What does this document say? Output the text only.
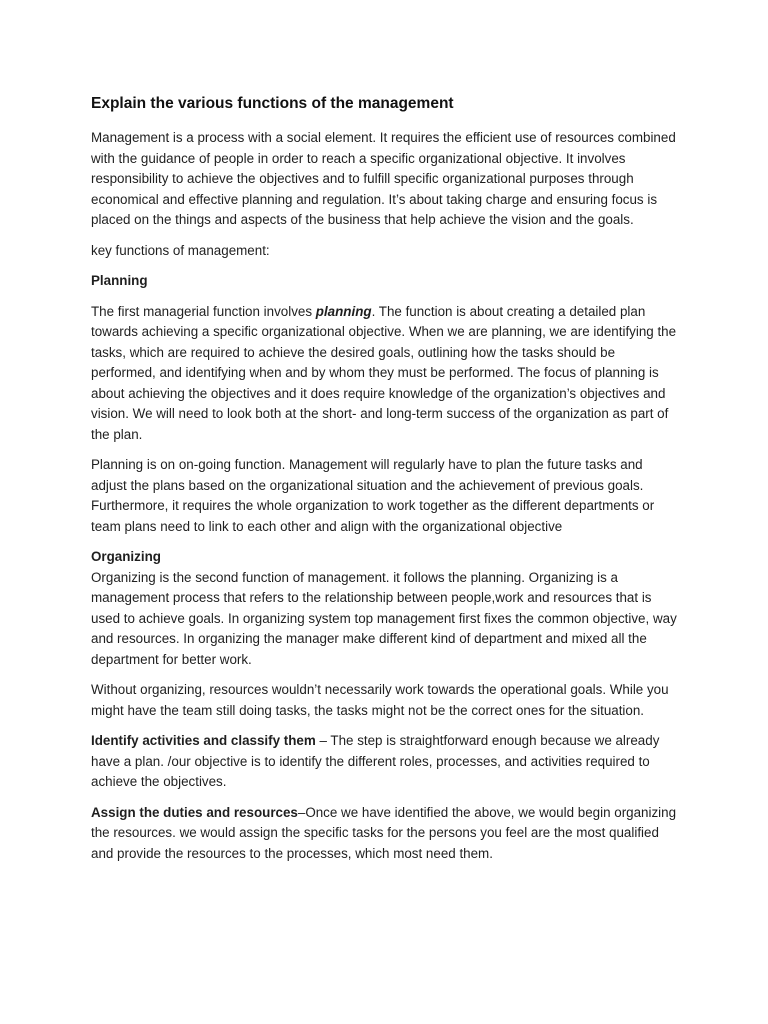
Explain the various functions of the management

Management is a process with a social element. It requires the efficient use of resources combined with the guidance of people in order to reach a specific organizational objective. It involves responsibility to achieve the objectives and to fulfill specific organizational purposes through economical and effective planning and regulation. It’s about taking charge and ensuring focus is placed on the things and aspects of the business that help achieve the vision and the goals.

key functions of management:

Planning

The first managerial function involves planning. The function is about creating a detailed plan towards achieving a specific organizational objective. When we are planning, we are identifying the tasks, which are required to achieve the desired goals, outlining how the tasks should be performed, and identifying when and by whom they must be performed. The focus of planning is about achieving the objectives and it does require knowledge of the organization’s objectives and vision. We will need to look both at the short- and long-term success of the organization as part of the plan.

Planning is on on-going function. Management will regularly have to plan the future tasks and adjust the plans based on the organizational situation and the achievement of previous goals. Furthermore, it requires the whole organization to work together as the different departments or team plans need to link to each other and align with the organizational objective

Organizing

Organizing is the second function of management. it follows the planning. Organizing is a management process that refers to the relationship between people,work and resources that is used to achieve goals. In organizing system top management first fixes the common objective, way and resources. In organizing the manager make different kind of department and mixed all the department for better work.

Without organizing, resources wouldn’t necessarily work towards the operational goals. While you might have the team still doing tasks, the tasks might not be the correct ones for the situation.

Identify activities and classify them – The step is straightforward enough because we already have a plan. /our objective is to identify the different roles, processes, and activities required to achieve the objectives.

Assign the duties and resources–Once we have identified the above, we would begin organizing the resources. we would assign the specific tasks for the persons you feel are the most qualified and provide the resources to the processes, which most need them.
